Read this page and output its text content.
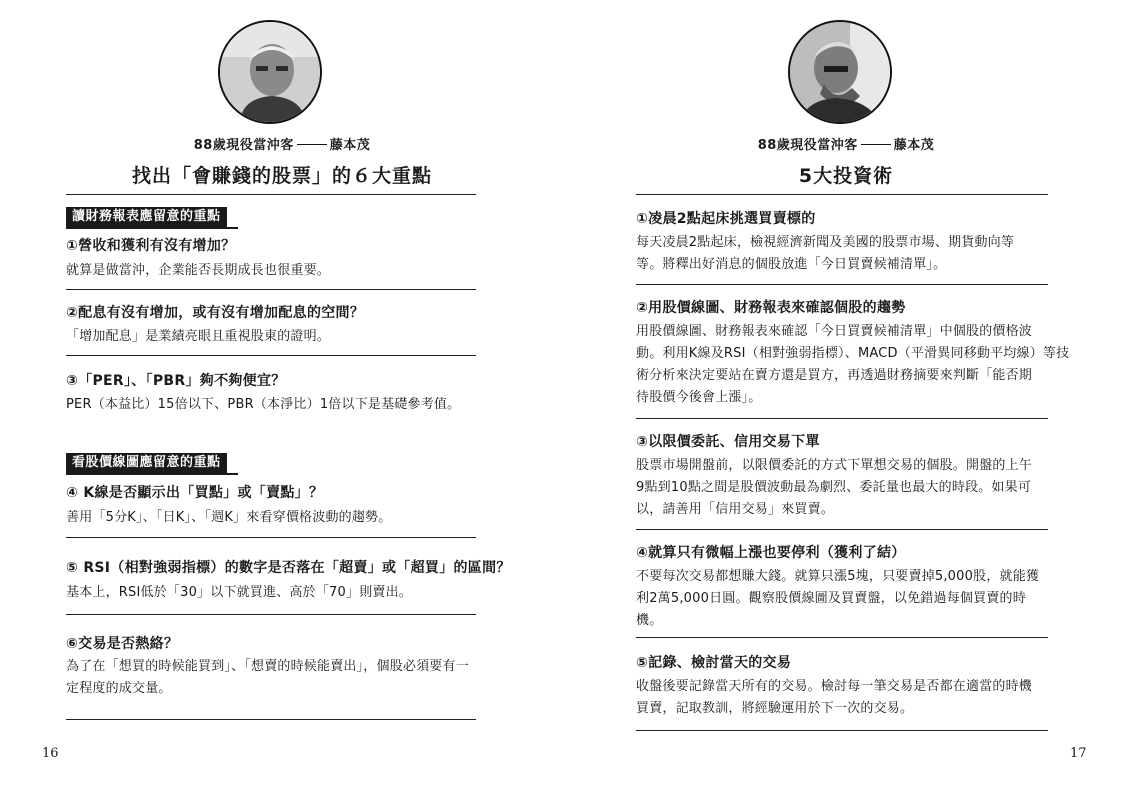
88歲現役當沖客	藤本茂
找出「會賺錢的股票」的６大重點
讀財務報表應留意的重點
①營收和獲利有沒有增加？
就算是做當沖，企業能否長期成長也很重要。
②配息有沒有增加，或有沒有增加配息的空間？
「增加配息」是業績亮眼且重視股東的證明。
③「PER」、「PBR」夠不夠便宜？
PER（本益比）15倍以下、PBR（本淨比）1倍以下是基礎參考值。
看股價線圖應留意的重點
④ K線是否顯示出「買點」或「賣點」？
善用「5分K」、「日K」、「週K」來看穿價格波動的趨勢。
⑤ RSI（相對強弱指標）的數字是否落在「超賣」或「超買」的區間？
基本上，RSI低於「30」以下就買進、高於「70」則賣出。
⑥交易是否熱絡？
為了在「想買的時候能買到」、「想賣的時候能賣出」，個股必須要有一
定程度的成交量。
16
88歲現役當沖客	藤本茂
5大投資術
①凌晨2點起床挑選買賣標的
每天凌晨2點起床，檢視經濟新聞及美國的股票市場、期貨動向等
等。將釋出好消息的個股放進「今日買賣候補清單」。
②用股價線圖、財務報表來確認個股的趨勢
用股價線圖、財務報表來確認「今日買賣候補清單」中個股的價格波
動。利用K線及RSI（相對強弱指標）、MACD（平滑異同移動平均線）等技
術分析來決定要站在賣方還是買方，再透過財務摘要來判斷「能否期
待股價今後會上漲」。
③以限價委託、信用交易下單
股票市場開盤前，以限價委託的方式下單想交易的個股。開盤的上午
9點到10點之間是股價波動最為劇烈、委託量也最大的時段。如果可
以，請善用「信用交易」來買賣。
④就算只有微幅上漲也要停利（獲利了結）
不要每次交易都想賺大錢。就算只漲5塊，只要賣掉5,000股，就能獲
利2萬5,000日圓。觀察股價線圖及買賣盤，以免錯過每個買賣的時
機。
⑤記錄、檢討當天的交易
收盤後要記錄當天所有的交易。檢討每一筆交易是否都在適當的時機
買賣，記取教訓，將經驗運用於下一次的交易。
17
